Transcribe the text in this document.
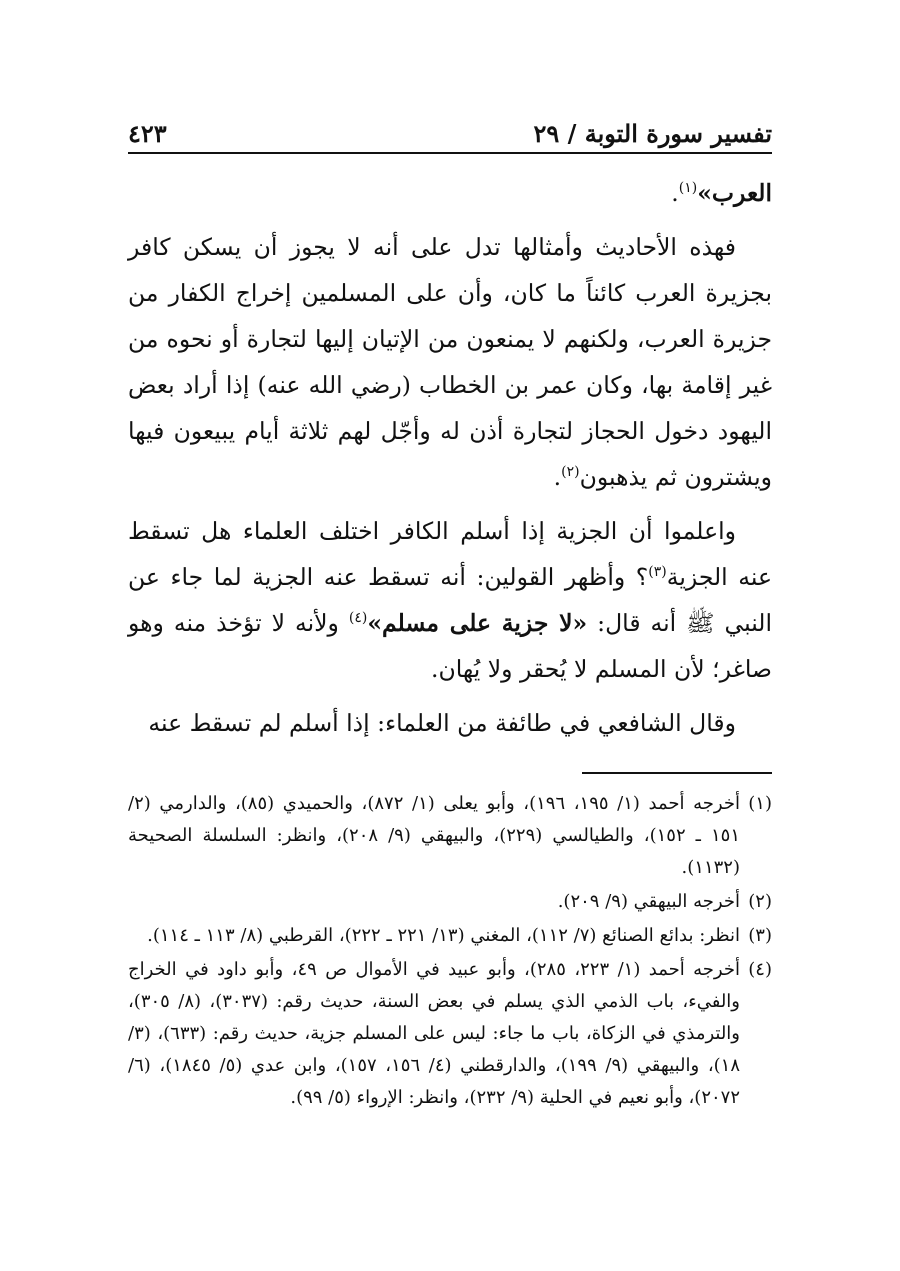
تفسير سورة التوبة / ٢٩
٤٢٣

العرب»$^{(١)}$.

فهذه الأحاديث وأمثالها تدل على أنه لا يجوز أن يسكن كافر بجزيرة العرب كائناً ما كان، وأن على المسلمين إخراج الكفار من جزيرة العرب، ولكنهم لا يمنعون من الإتيان إليها لتجارة أو نحوه من غير إقامة بها، وكان عمر بن الخطاب (رضي الله عنه) إذا أراد بعض اليهود دخول الحجاز لتجارة أذن له وأجّل لهم ثلاثة أيام يبيعون فيها ويشترون ثم يذهبون$^{(٢)}$.

واعلموا أن الجزية إذا أسلم الكافر اختلف العلماء هل تسقط عنه الجزية$^{(٣)}$؟ وأظهر القولين: أنه تسقط عنه الجزية لما جاء عن النبي ﷺ أنه قال: «لا جزية على مسلم»$^{(٤)}$ ولأنه لا تؤخذ منه وهو صاغر؛ لأن المسلم لا يُحقر ولا يُهان.

وقال الشافعي في طائفة من العلماء: إذا أسلم لم تسقط عنه

(١)
أخرجه أحمد (١/ ١٩٥، ١٩٦)، وأبو يعلى (١/ ٨٧٢)، والحميدي (٨٥)، والدارمي (٢/ ١٥١ ـ ١٥٢)، والطيالسي (٢٢٩)، والبيهقي (٩/ ٢٠٨)، وانظر: السلسلة الصحيحة (١١٣٢).
(٢)
أخرجه البيهقي (٩/ ٢٠٩).
(٣)
انظر: بدائع الصنائع (٧/ ١١٢)، المغني (١٣/ ٢٢١ ـ ٢٢٢)، القرطبي (٨/ ١١٣ ـ ١١٤).
(٤)
أخرجه أحمد (١/ ٢٢٣، ٢٨٥)، وأبو عبيد في الأموال ص ٤٩، وأبو داود في الخراج والفيء، باب الذمي الذي يسلم في بعض السنة، حديث رقم: (٣٠٣٧)، (٨/ ٣٠٥)، والترمذي في الزكاة، باب ما جاء: ليس على المسلم جزية، حديث رقم: (٦٣٣)، (٣/ ١٨)، والبيهقي (٩/ ١٩٩)، والدارقطني (٤/ ١٥٦، ١٥٧)، وابن عدي (٥/ ١٨٤٥)، (٦/ ٢٠٧٢)، وأبو نعيم في الحلية (٩/ ٢٣٢)، وانظر: الإرواء (٥/ ٩٩).
